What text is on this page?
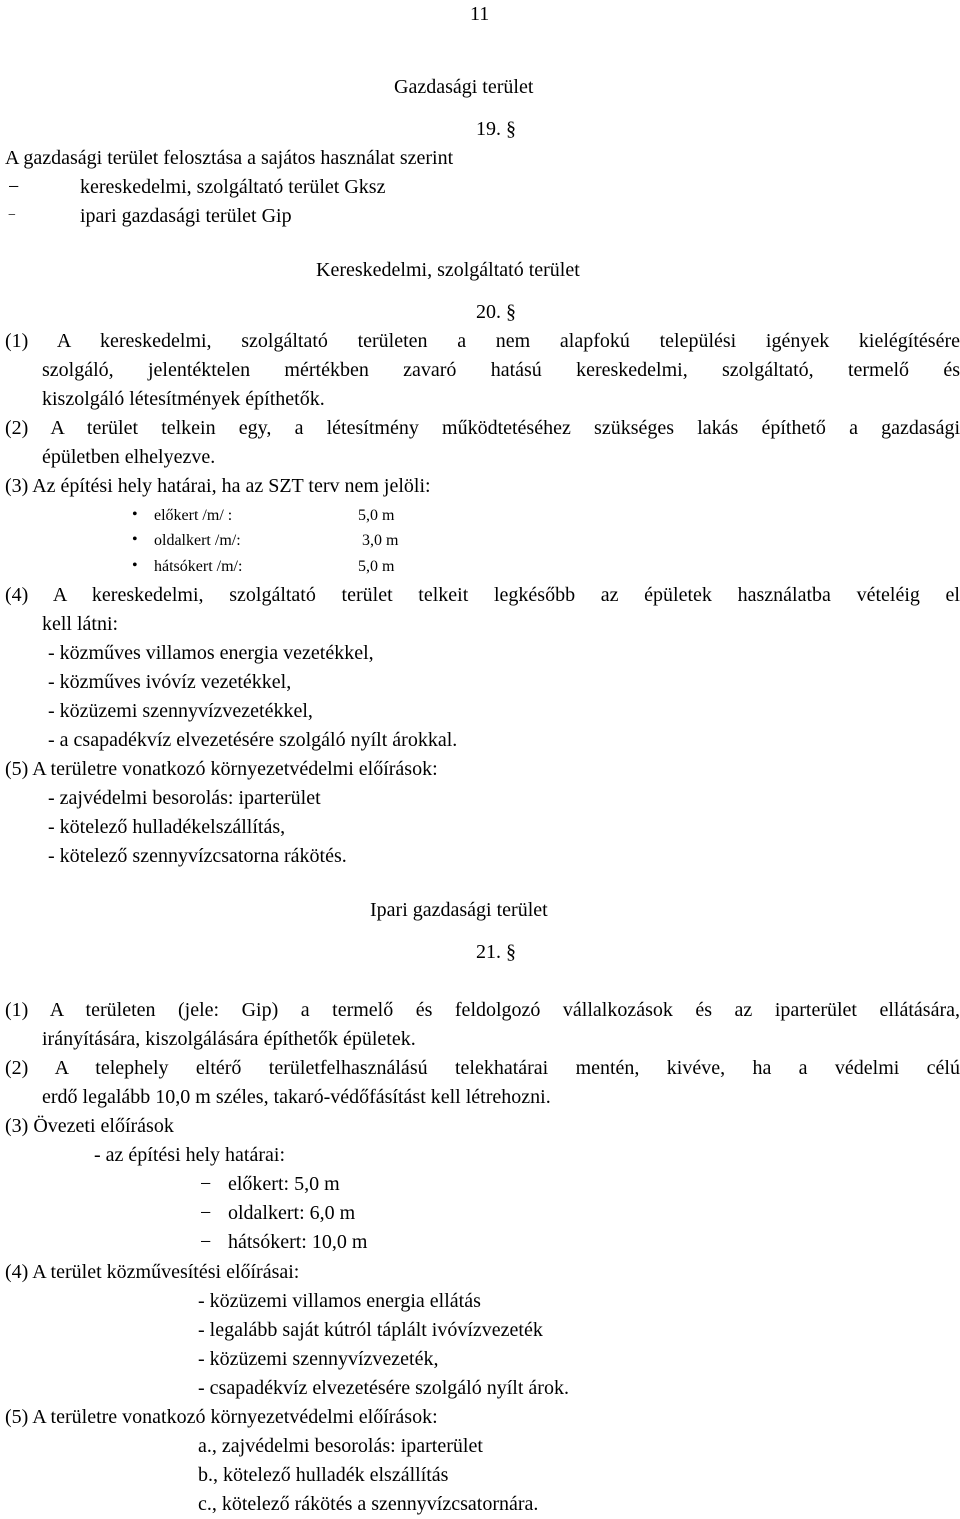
11
Gazdasági terület
19. §
A gazdasági terület felosztása a sajátos használat szerint
−	kereskedelmi, szolgáltató terület Gksz
−	ipari gazdasági terület Gip
Kereskedelmi, szolgáltató terület
20. §
(1) A kereskedelmi, szolgáltató területen a nem alapfokú települési igények kielégítésére
szolgáló, jelentéktelen mértékben zavaró hatású kereskedelmi, szolgáltató, termelő és
kiszolgáló létesítmények építhetők.
(2) A terület telkein egy, a létesítmény működtetéséhez szükséges lakás építhető a gazdasági
épületben elhelyezve.
(3) Az építési hely határai, ha az SZT terv nem jelöli:
• előkert /m/ :	5,0 m
• oldalkert /m/:	3,0 m
• hátsókert /m/:	5,0 m
(4) A kereskedelmi, szolgáltató terület telkeit legkésőbb az épületek használatba vételéig el
kell látni:
- közműves villamos energia vezetékkel,
- közműves ivóvíz vezetékkel,
- közüzemi szennyvízvezetékkel,
- a csapadékvíz elvezetésére szolgáló nyílt árokkal.
(5) A területre vonatkozó környezetvédelmi előírások:
- zajvédelmi besorolás: iparterület
- kötelező hulladékelszállítás,
- kötelező szennyvízcsatorna rákötés.
Ipari gazdasági terület
21. §
(1) A területen (jele: Gip) a termelő és feldolgozó vállalkozások és az iparterület ellátására,
irányítására, kiszolgálására építhetők épületek.
(2) A telephely eltérő területfelhasználású telekhatárai mentén, kivéve, ha a védelmi célú
erdő legalább 10,0 m széles, takaró-védőfásítást kell létrehozni.
(3) Övezeti előírások
- az építési hely határai:
− előkert: 5,0 m
− oldalkert: 6,0 m
− hátsókert: 10,0 m
(4) A terület közművesítési előírásai:
- közüzemi villamos energia ellátás
- legalább saját kútról táplált ivóvízvezeték
- közüzemi szennyvízvezeték,
- csapadékvíz elvezetésére szolgáló nyílt árok.
(5) A területre vonatkozó környezetvédelmi előírások:
a., zajvédelmi besorolás: iparterület
b., kötelező hulladék elszállítás
c., kötelező rákötés a szennyvízcsatornára.
